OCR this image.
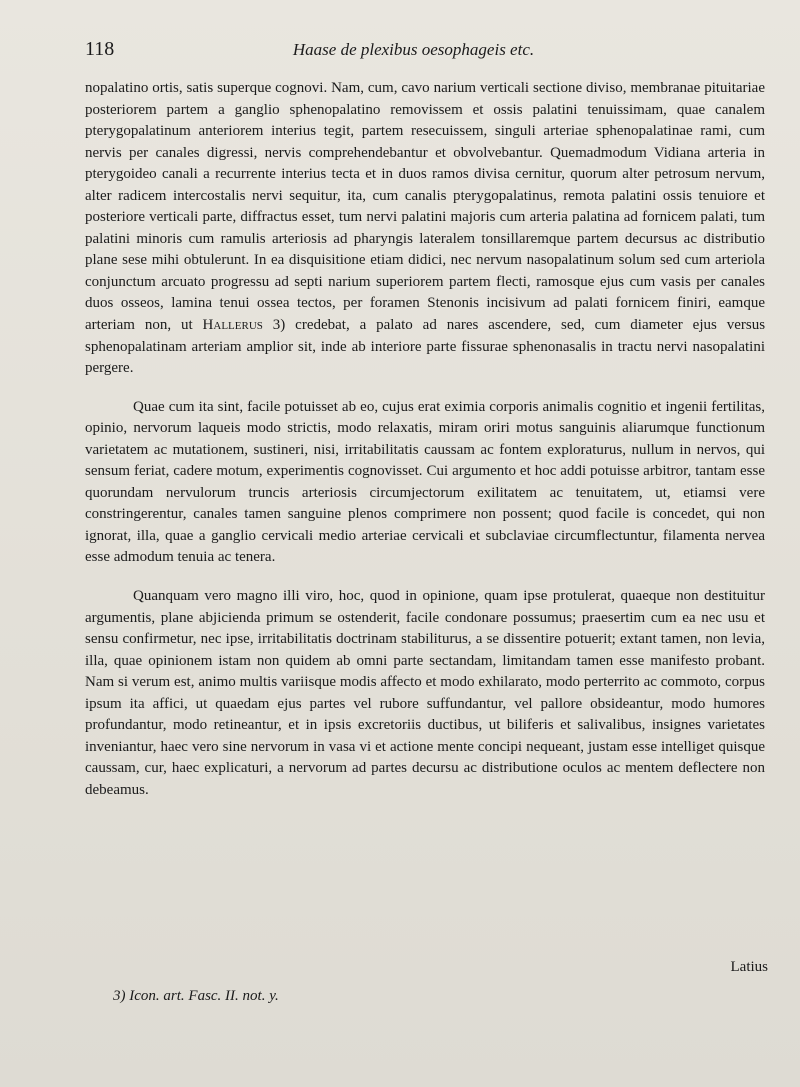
118	Haase de plexibus oesophageis etc.

nopalatino ortis, satis superque cognovi. Nam, cum, cavo narium verticali sectione diviso, membranae pituitariae posteriorem partem a ganglio sphenopalatino removissem et ossis palatini tenuissimam, quae canalem pterygopalatinum anteriorem interius tegit, partem resecuissem, singuli arteriae sphenopalatinae rami, cum nervis per canales digressi, nervis comprehendebantur et obvolvebantur. Quemadmodum Vidiana arteria in pterygoideo canali a recurrente interius tecta et in duos ramos divisa cernitur, quorum alter petrosum nervum, alter radicem intercostalis nervi sequitur, ita, cum canalis pterygopalatinus, remota palatini ossis tenuiore et posteriore verticali parte, diffractus esset, tum nervi palatini majoris cum arteria palatina ad fornicem palati, tum palatini minoris cum ramulis arteriosis ad pharyngis lateralem tonsillaremque partem decursus ac distributio plane sese mihi obtulerunt. In ea disquisitione etiam didici, nec nervum nasopalatinum solum sed cum arteriola conjunctum arcuato progressu ad septi narium superiorem partem flecti, ramosque ejus cum vasis per canales duos osseos, lamina tenui ossea tectos, per foramen Stenonis incisivum ad palati fornicem finiri, eamque arteriam non, ut Hallerus 3) credebat, a palato ad nares ascendere, sed, cum diameter ejus versus sphenopalatinam arteriam amplior sit, inde ab interiore parte fissurae sphenonasalis in tractu nervi nasopalatini pergere.

Quae cum ita sint, facile potuisset ab eo, cujus erat eximia corporis animalis cognitio et ingenii fertilitas, opinio, nervorum laqueis modo strictis, modo relaxatis, miram oriri motus sanguinis aliarumque functionum varietatem ac mutationem, sustineri, nisi, irritabilitatis caussam ac fontem exploraturus, nullum in nervos, qui sensum feriat, cadere motum, experimentis cognovisset. Cui argumento et hoc addi potuisse arbitror, tantam esse quorundam nervulorum truncis arteriosis circumjectorum exilitatem ac tenuitatem, ut, etiamsi vere constringerentur, canales tamen sanguine plenos comprimere non possent; quod facile is concedet, qui non ignorat, illa, quae a ganglio cervicali medio arteriae cervicali et subclaviae circumflectuntur, filamenta nervea esse admodum tenuia ac tenera.

Quanquam vero magno illi viro, hoc, quod in opinione, quam ipse protulerat, quaeque non destituitur argumentis, plane abjicienda primum se ostenderit, facile condonare possumus; praesertim cum ea nec usu et sensu confirmetur, nec ipse, irritabilitatis doctrinam stabiliturus, a se dissentire potuerit; extant tamen, non levia, illa, quae opinionem istam non quidem ab omni parte sectandam, limitandam tamen esse manifesto probant. Nam si verum est, animo multis variisque modis affecto et modo exhilarato, modo perterrito ac commoto, corpus ipsum ita affici, ut quaedam ejus partes vel rubore suffundantur, vel pallore obsideantur, modo humores profundantur, modo retineantur, et in ipsis excretoriis ductibus, ut biliferis et salivalibus, insignes varietates inveniantur, haec vero sine nervorum in vasa vi et actione mente concipi nequeant, justam esse intelliget quisque caussam, cur, haec explicaturi, a nervorum ad partes decursu ac distributione oculos ac mentem deflectere non debeamus.

Latius
3) Icon. art. Fasc. II. not. y.
